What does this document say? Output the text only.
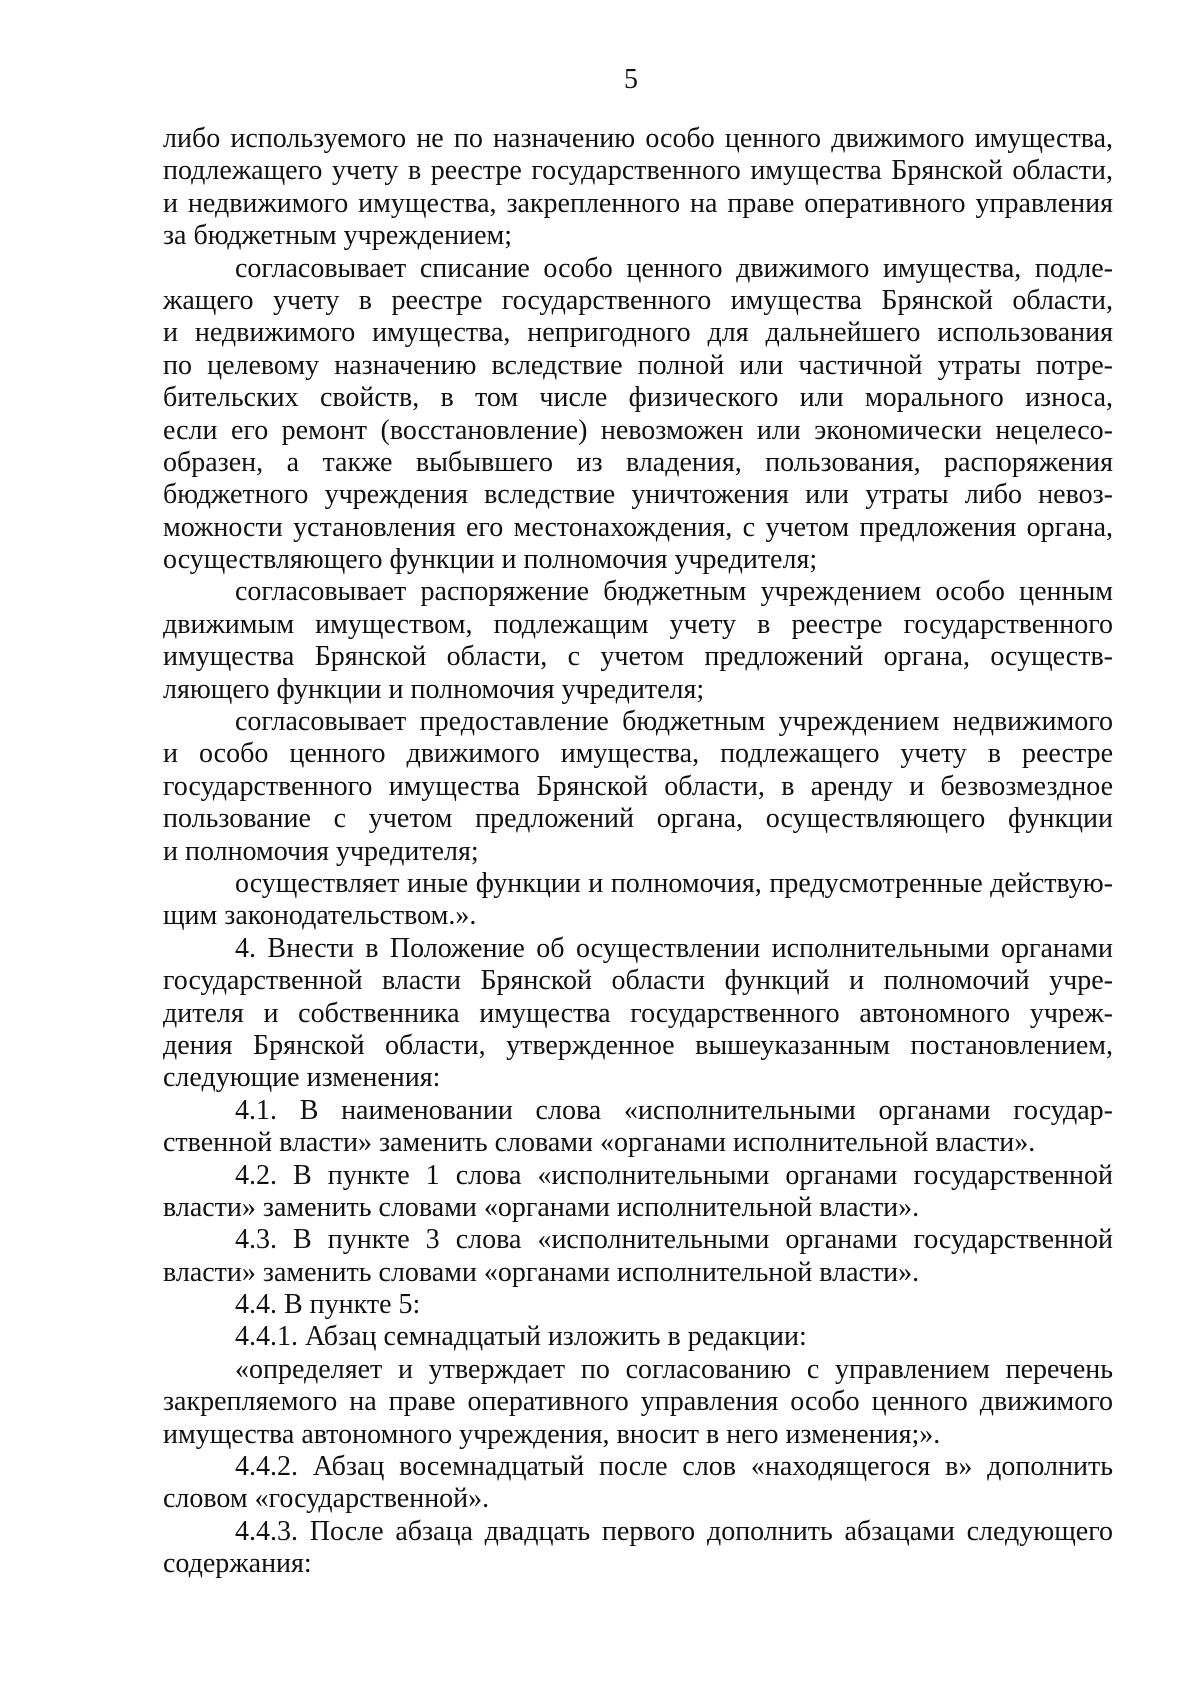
5
либо используемого не по назначению особо ценного движимого имущества,
подлежащего учету в реестре государственного имущества Брянской области,
и недвижимого имущества, закрепленного на праве оперативного управления
за бюджетным учреждением;
согласовывает списание особо ценного движимого имущества, подле-
жащего учету в реестре государственного имущества Брянской области,
и недвижимого имущества, непригодного для дальнейшего использования
по целевому назначению вследствие полной или частичной утраты потре-
бительских свойств, в том числе физического или морального износа,
если его ремонт (восстановление) невозможен или экономически нецелесо-
образен, а также выбывшего из владения, пользования, распоряжения
бюджетного учреждения вследствие уничтожения или утраты либо невоз-
можности установления его местонахождения, с учетом предложения органа,
осуществляющего функции и полномочия учредителя;
согласовывает распоряжение бюджетным учреждением особо ценным
движимым имуществом, подлежащим учету в реестре государственного
имущества Брянской области, с учетом предложений органа, осуществ-
ляющего функции и полномочия учредителя;
согласовывает предоставление бюджетным учреждением недвижимого
и особо ценного движимого имущества, подлежащего учету в реестре
государственного имущества Брянской области, в аренду и безвозмездное
пользование с учетом предложений органа, осуществляющего функции
и полномочия учредителя;
осуществляет иные функции и полномочия, предусмотренные действую-
щим законодательством.».
4. Внести в Положение об осуществлении исполнительными органами
государственной власти Брянской области функций и полномочий учре-
дителя и собственника имущества государственного автономного учреж-
дения Брянской области, утвержденное вышеуказанным постановлением,
следующие изменения:
4.1. В наименовании слова «исполнительными органами государ-
ственной власти» заменить словами «органами исполнительной власти».
4.2. В пункте 1 слова «исполнительными органами государственной
власти» заменить словами «органами исполнительной власти».
4.3. В пункте 3 слова «исполнительными органами государственной
власти» заменить словами «органами исполнительной власти».
4.4. В пункте 5:
4.4.1. Абзац семнадцатый изложить в редакции:
«определяет и утверждает по согласованию с управлением перечень
закрепляемого на праве оперативного управления особо ценного движимого
имущества автономного учреждения, вносит в него изменения;».
4.4.2. Абзац восемнадцатый после слов «находящегося в» дополнить
словом «государственной».
4.4.3. После абзаца двадцать первого дополнить абзацами следующего
содержания:
